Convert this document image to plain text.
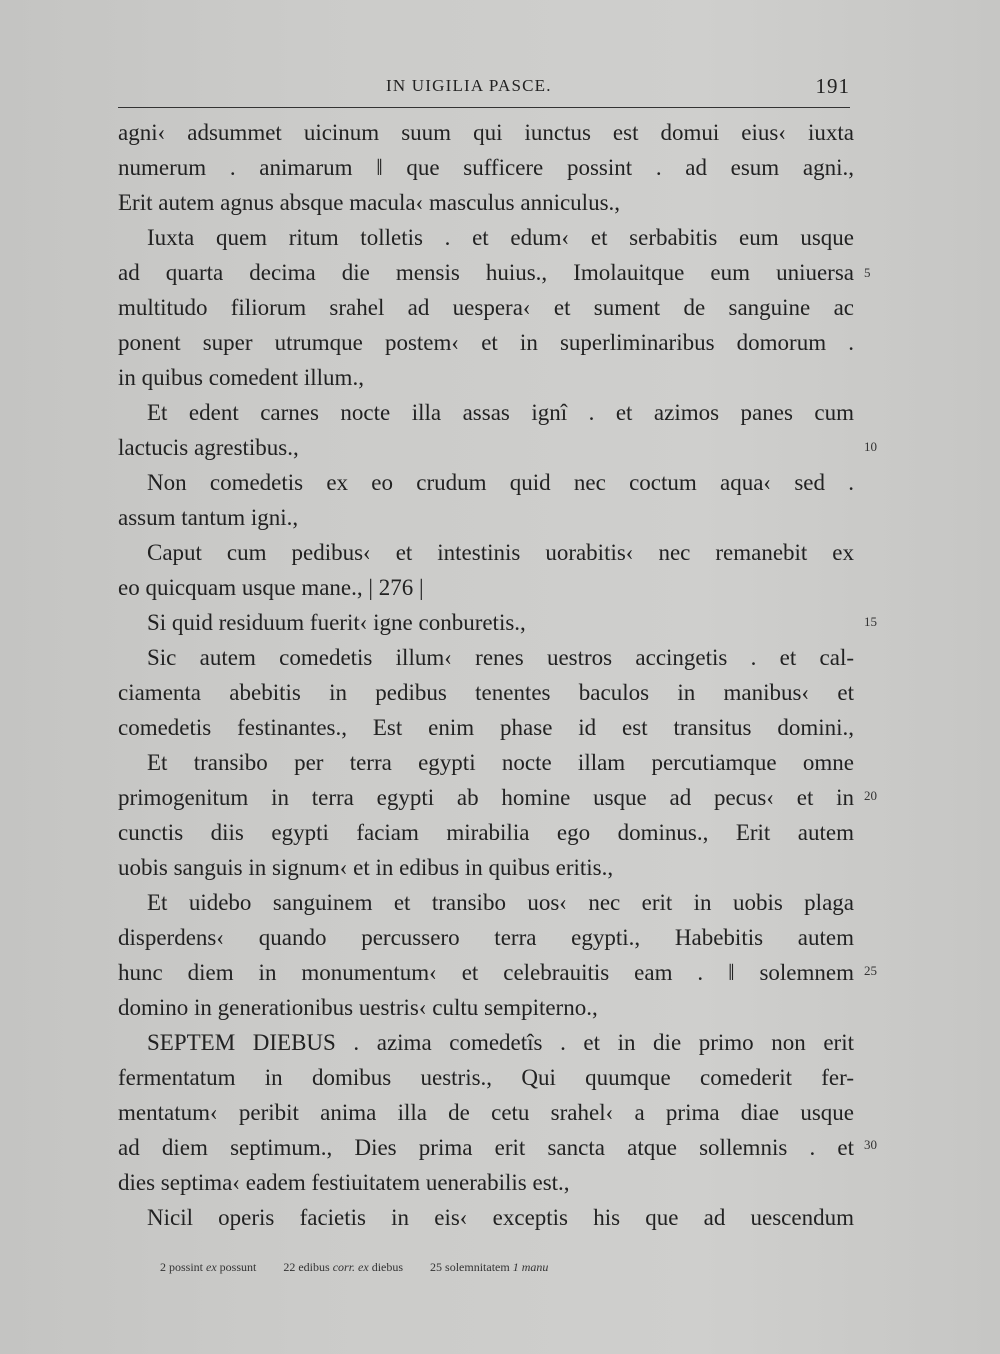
IN UIGILIA PASCE.	191
agni‹ adsummet uicinum suum qui iunctus est domui eius‹ iuxta
numerum . animarum ‖ que sufficere possint . ad esum agni.,
Erit autem agnus absque macula‹ masculus anniculus.,
Iuxta quem ritum tolletis . et edum‹ et serbabitis eum usque
ad quarta decima die mensis huius., Imolauitque eum uniuersa
multitudo filiorum srahel ad uespera‹ et sument de sanguine ac
ponent super utrumque postem‹ et in superliminaribus domorum .
in quibus comedent illum.,
Et edent carnes nocte illa assas ignî . et azimos panes cum
lactucis agrestibus.,
Non comedetis ex eo crudum quid nec coctum aqua‹ sed .
assum tantum igni.,
Caput cum pedibus‹ et intestinis uorabitis‹ nec remanebit ex
eo quicquam usque mane., | 276 |
Si quid residuum fuerit‹ igne conburetis.,
Sic autem comedetis illum‹ renes uestros accingetis . et cal-
ciamenta abebitis in pedibus tenentes baculos in manibus‹ et
comedetis festinantes., Est enim phase id est transitus domini.,
Et transibo per terra egypti nocte illam percutiamque omne
primogenitum in terra egypti ab homine usque ad pecus‹ et in
cunctis diis egypti faciam mirabilia ego dominus., Erit autem
uobis sanguis in signum‹ et in edibus in quibus eritis.,
Et uidebo sanguinem et transibo uos‹ nec erit in uobis plaga
disperdens‹ quando percussero terra egypti., Habebitis autem
hunc diem in monumentum‹ et celebrauitis eam . ‖ solemnem
domino in generationibus uestris‹ cultu sempiterno.,
SEPTEM DIEBUS . azima comedetîs . et in die primo non erit
fermentatum in domibus uestris., Qui quumque comederit fer-
mentatum‹ peribit anima illa de cetu srahel‹ a prima diae usque
ad diem septimum., Dies prima erit sancta atque sollemnis . et
dies septima‹ eadem festiuitatem uenerabilis est.,
Nicil operis facietis in eis‹ exceptis his que ad uescendum
5
10
15
20
25
30
2 possint ex possunt 22 edibus corr. ex diebus 25 solemnitatem 1 manu
